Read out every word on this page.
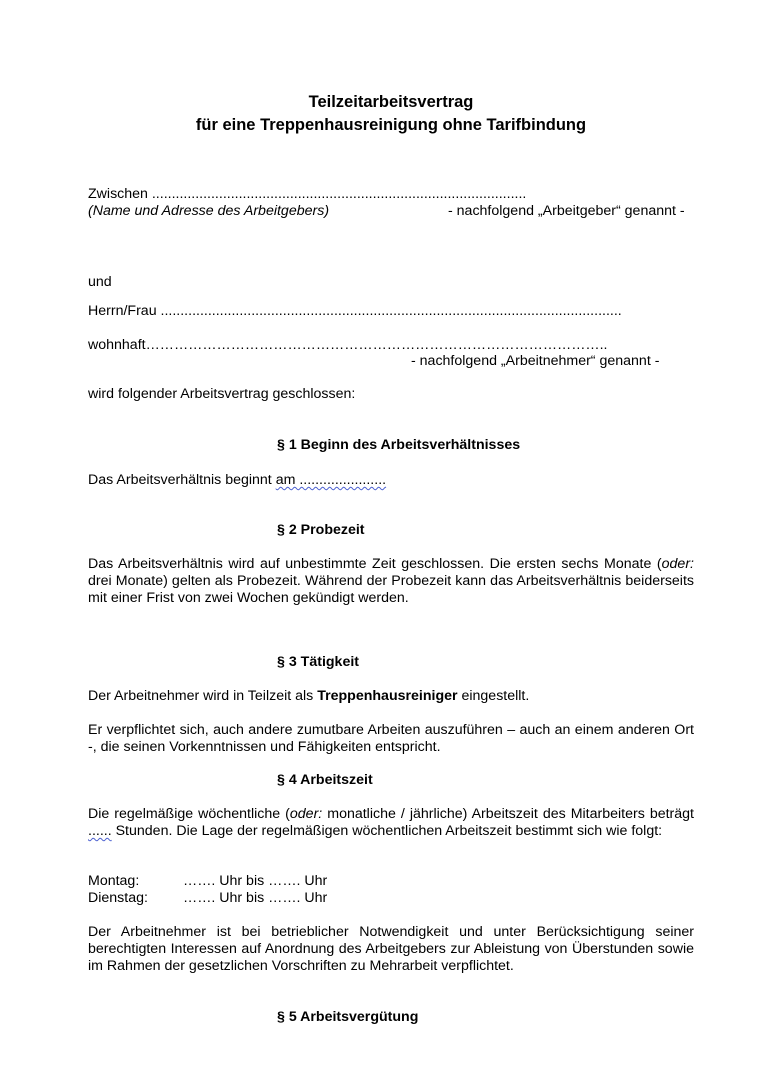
Teilzeitarbeitsvertrag
für eine Treppenhausreinigung ohne Tarifbindung
Zwischen ...............................................................................................
(Name und Adresse des Arbeitgebers)	- nachfolgend „Arbeitgeber“ genannt -
und
Herrn/Frau .....................................................................................................................
wohnhaft……………………………………………………………………………………..
- nachfolgend „Arbeitnehmer“ genannt -
wird folgender Arbeitsvertrag geschlossen:
§ 1 Beginn des Arbeitsverhältnisses
Das Arbeitsverhältnis beginnt am ......................
§ 2 Probezeit
Das Arbeitsverhältnis wird auf unbestimmte Zeit geschlossen. Die ersten sechs Monate (oder: drei Monate) gelten als Probezeit. Während der Probezeit kann das Arbeitsverhältnis beiderseits mit einer Frist von zwei Wochen gekündigt werden.
§ 3 Tätigkeit
Der Arbeitnehmer wird in Teilzeit als Treppenhausreiniger eingestellt.
Er verpflichtet sich, auch andere zumutbare Arbeiten auszuführen – auch an einem anderen Ort -, die seinen Vorkenntnissen und Fähigkeiten entspricht.
§ 4 Arbeitszeit
Die regelmäßige wöchentliche (oder: monatliche / jährliche) Arbeitszeit des Mitarbeiters beträgt ...... Stunden. Die Lage der regelmäßigen wöchentlichen Arbeitszeit bestimmt sich wie folgt:
Montag:	……. Uhr bis ……. Uhr
Dienstag: ……. Uhr bis ……. Uhr
Der Arbeitnehmer ist bei betrieblicher Notwendigkeit und unter Berücksichtigung seiner berechtigten Interessen auf Anordnung des Arbeitgebers zur Ableistung von Überstunden sowie im Rahmen der gesetzlichen Vorschriften zu Mehrarbeit verpflichtet.
§ 5 Arbeitsvergütung
